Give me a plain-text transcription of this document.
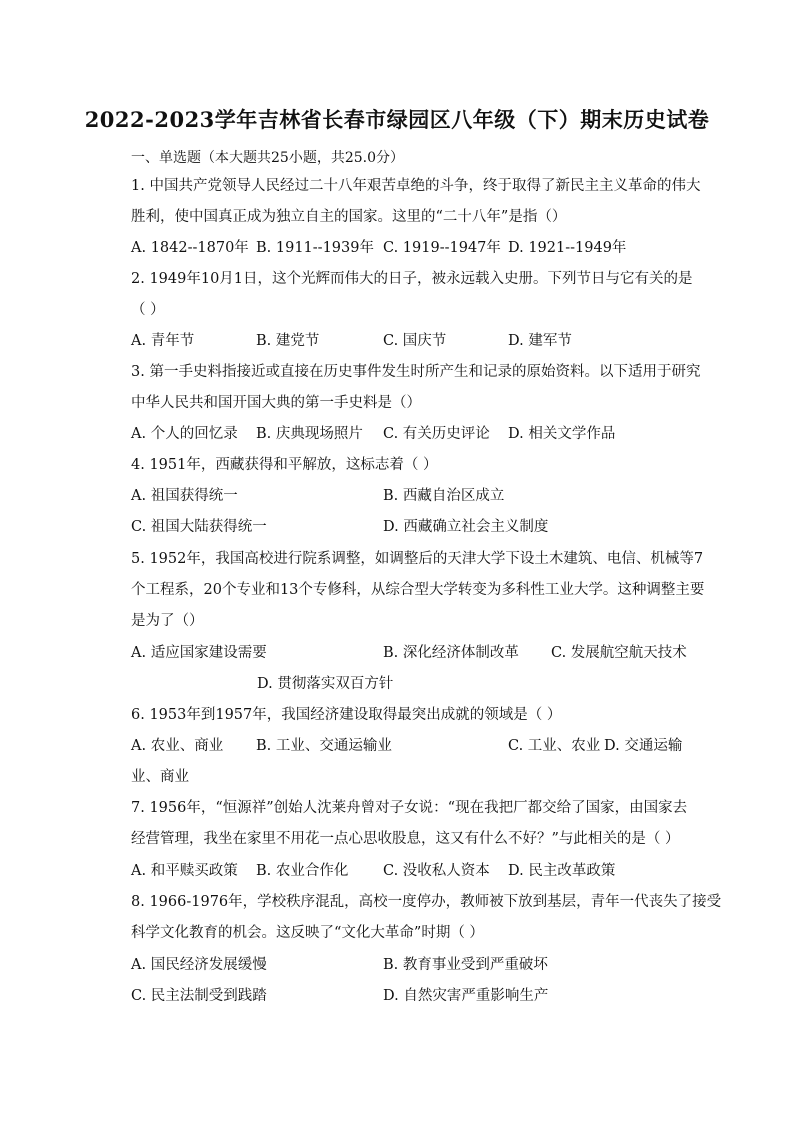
2022-2023学年吉林省长春市绿园区八年级（下）期末历史试卷
一、单选题（本大题共25小题，共25.0分）
1. 中国共产党领导人民经过二十八年艰苦卓绝的斗争，终于取得了新民主主义革命的伟大
胜利，使中国真正成为独立自主的国家。这里的“二十八年”是指（）
A. 1842--1870年 B. 1911--1939年 C. 1919--1947年 D. 1921--1949年
2. 1949年10月1日，这个光辉而伟大的日子，被永远载入史册。下列节日与它有关的是
（ ）
A. 青年节	B. 建党节	C. 国庆节	D. 建军节
3. 第一手史料指接近或直接在历史事件发生时所产生和记录的原始资料。以下适用于研究
中华人民共和国开国大典的第一手史料是（）
A. 个人的回忆录 B. 庆典现场照片 C. 有关历史评论 D. 相关文学作品
4. 1951年，西藏获得和平解放，这标志着（ ）
A. 祖国获得统一	B. 西藏自治区成立
C. 祖国大陆获得统一	D. 西藏确立社会主义制度
5. 1952年，我国高校进行院系调整，如调整后的天津大学下设土木建筑、电信、机械等7
个工程系，20个专业和13个专修科，从综合型大学转变为多科性工业大学。这种调整主要
是为了（）
A. 适应国家建设需要	B. 深化经济体制改革 C. 发展航空航天技术
D. 贯彻落实双百方针
6. 1953年到1957年，我国经济建设取得最突出成就的领域是（ ）
A. 农业、商业 B. 工业、交通运输业	C. 工业、农业 D. 交通运输
业、商业
7. 1956年，“恒源祥”创始人沈莱舟曾对子女说：“现在我把厂都交给了国家，由国家去
经营管理，我坐在家里不用花一点心思收股息，这又有什么不好？”与此相关的是（ ）
A. 和平赎买政策 B. 农业合作化 C. 没收私人资本 D. 民主改革政策
8. 1966-1976年，学校秩序混乱，高校一度停办，教师被下放到基层，青年一代丧失了接受
科学文化教育的机会。这反映了“文化大革命”时期（ ）
A. 国民经济发展缓慢	B. 教育事业受到严重破坏
C. 民主法制受到践踏	D. 自然灾害严重影响生产
